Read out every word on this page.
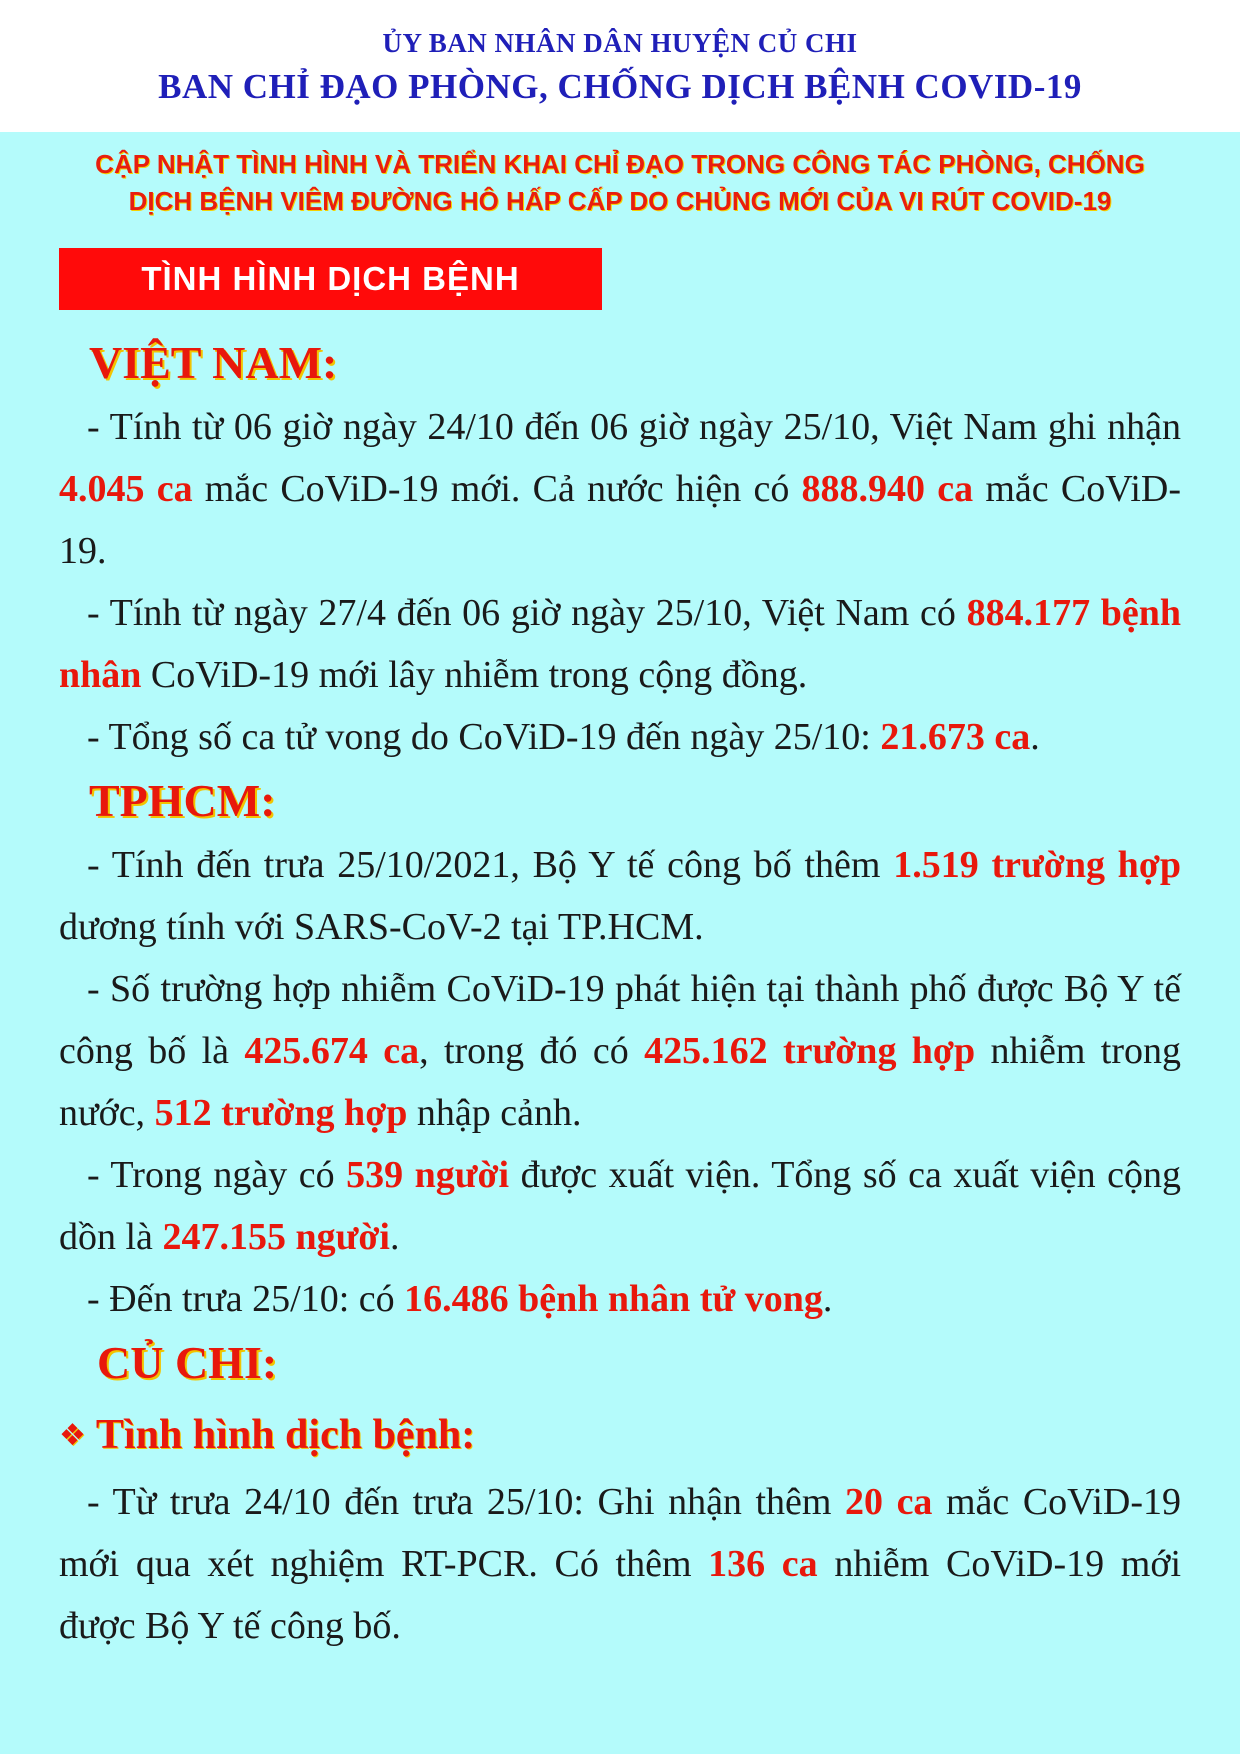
ỦY BAN NHÂN DÂN HUYỆN CỦ CHI
BAN CHỈ ĐẠO PHÒNG, CHỐNG DỊCH BỆNH COVID-19
CẬP NHẬT TÌNH HÌNH VÀ TRIỂN KHAI CHỈ ĐẠO TRONG CÔNG TÁC PHÒNG, CHỐNG
DỊCH BỆNH VIÊM ĐƯỜNG HÔ HẤP CẤP DO CHỦNG MỚI CỦA VI RÚT COVID-19
TÌNH HÌNH DỊCH BỆNH
VIỆT NAM:
- Tính từ 06 giờ ngày 24/10 đến 06 giờ ngày 25/10, Việt Nam ghi nhận 4.045 ca mắc CoViD-19 mới. Cả nước hiện có 888.940 ca mắc CoViD-19.
- Tính từ ngày 27/4 đến 06 giờ ngày 25/10, Việt Nam có 884.177 bệnh nhân CoViD-19 mới lây nhiễm trong cộng đồng.
- Tổng số ca tử vong do CoViD-19 đến ngày 25/10: 21.673 ca.
TPHCM:
- Tính đến trưa 25/10/2021, Bộ Y tế công bố thêm 1.519 trường hợp dương tính với SARS-CoV-2 tại TP.HCM.
- Số trường hợp nhiễm CoViD-19 phát hiện tại thành phố được Bộ Y tế công bố là 425.674 ca, trong đó có 425.162 trường hợp nhiễm trong nước, 512 trường hợp nhập cảnh.
- Trong ngày có 539 người được xuất viện. Tổng số ca xuất viện cộng dồn là 247.155 người.
- Đến trưa 25/10: có 16.486 bệnh nhân tử vong.
CỦ CHI:
❖ Tình hình dịch bệnh:
- Từ trưa 24/10 đến trưa 25/10: Ghi nhận thêm 20 ca mắc CoViD-19 mới qua xét nghiệm RT-PCR. Có thêm 136 ca nhiễm CoViD-19 mới được Bộ Y tế công bố.
